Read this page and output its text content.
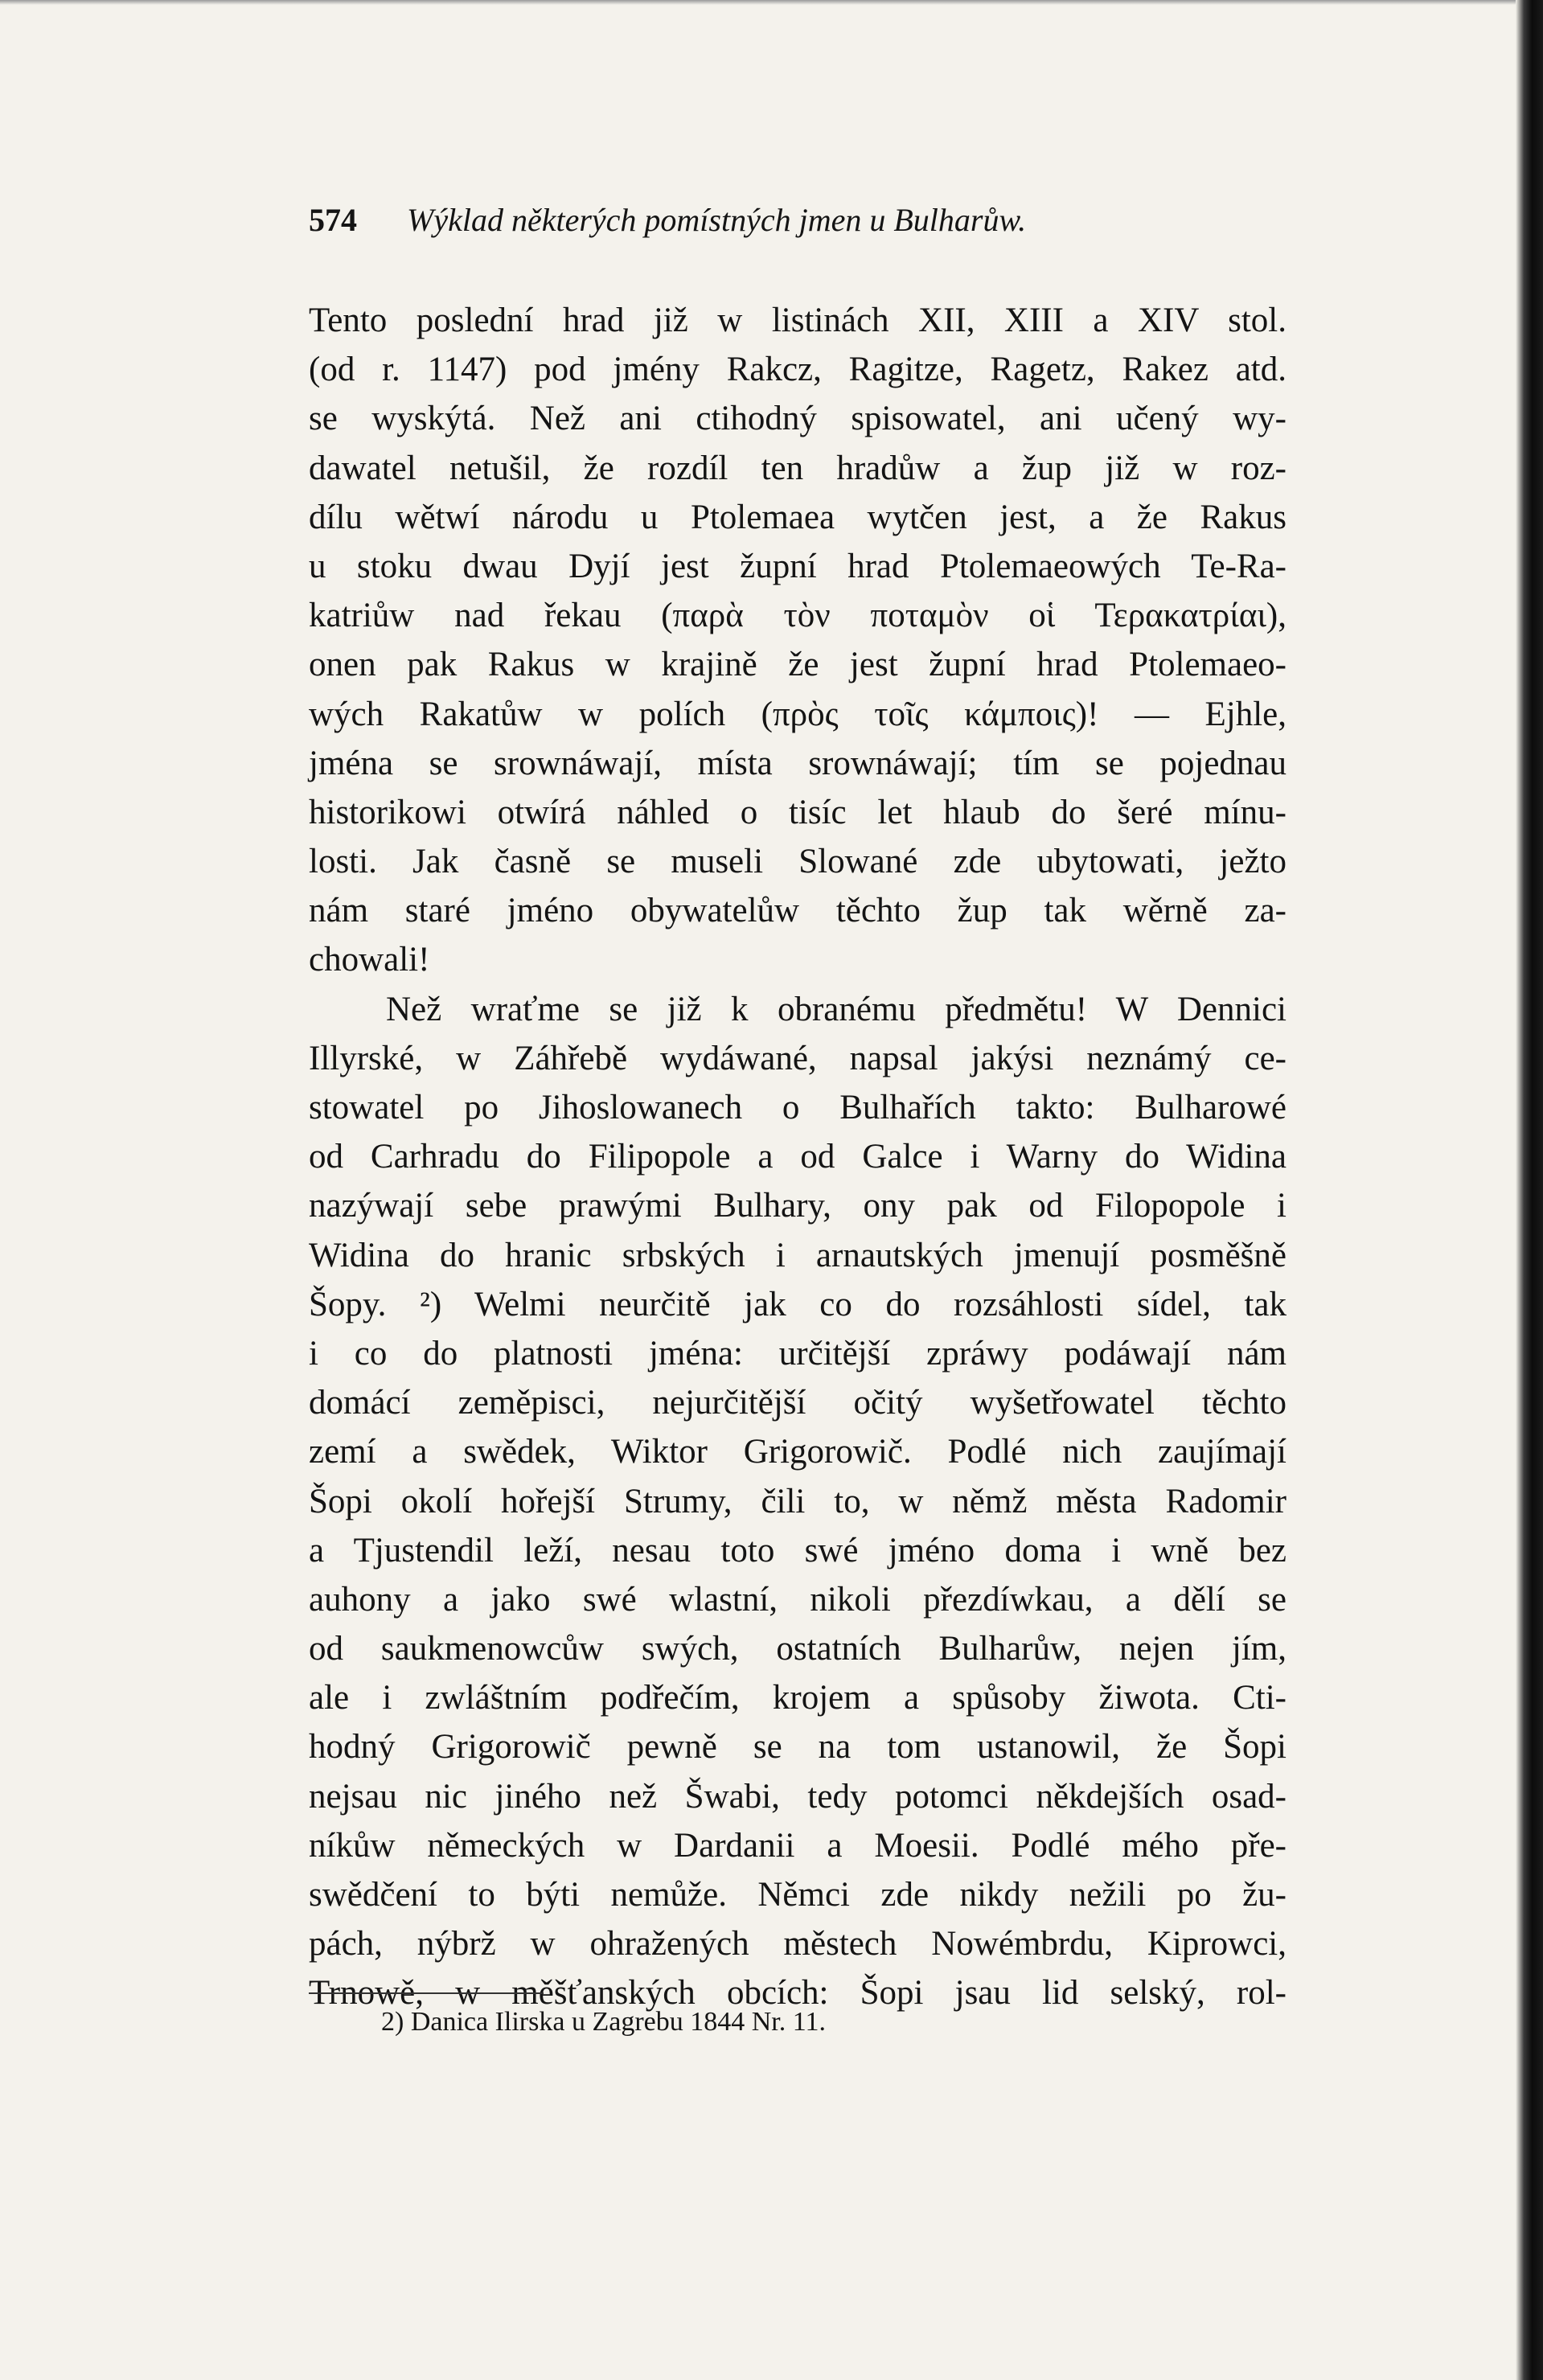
574 Wýklad některých pomístných jmen u Bulharůw.
Tento poslední hrad již w listinách XII, XIII a XIV stol.
(od r. 1147) pod jmény Rakcz, Ragitze, Ragetz, Rakez atd.
se wyskýtá. Než ani ctihodný spisowatel, ani učený wy-
dawatel netušil, že rozdíl ten hradůw a žup již w roz-
dílu wětwí národu u Ptolemaea wytčen jest, a že Rakus
u stoku dwau Dyjí jest župní hrad Ptolemaeowých Te-Ra-
katriůw nad řekau (παρὰ τὸν ποταμὸν οἱ Τερακατρίαι),
onen pak Rakus w krajině že jest župní hrad Ptolemaeo-
wých Rakatůw w polích (πρὸς τοῖς κάμποις)! — Ejhle,
jména se srownáwají, místa srownáwají; tím se pojednau
historikowi otwírá náhled o tisíc let hlaub do šeré mínu-
losti. Jak časně se museli Slowané zde ubytowati, ježto
nám staré jméno obywatelůw těchto žup tak wěrně za-
chowali!
Než wraťme se již k obranému předmětu! W Dennici
Illyrské, w Záhřebě wydáwané, napsal jakýsi neznámý ce-
stowatel po Jihoslowanech o Bulhařích takto: Bulharowé
od Carhradu do Filipopole a od Galce i Warny do Widina
nazýwají sebe prawými Bulhary, ony pak od Filopopole i
Widina do hranic srbských i arnautských jmenují posměšně
Šopy. ²) Welmi neurčitě jak co do rozsáhlosti sídel, tak
i co do platnosti jména: určitější zpráwy podáwají nám
domácí zeměpisci, nejurčitější očitý wyšetřowatel těchto
zemí a swědek, Wiktor Grigorowič. Podlé nich zaujímají
Šopi okolí hořejší Strumy, čili to, w němž města Radomir
a Tjustendil leží, nesau toto swé jméno doma i wně bez
auhony a jako swé wlastní, nikoli přezdíwkau, a dělí se
od saukmenowcůw swých, ostatních Bulharůw, nejen jím,
ale i zwláštním podřečím, krojem a spůsoby žiwota. Cti-
hodný Grigorowič pewně se na tom ustanowil, že Šopi
nejsau nic jiného než Šwabi, tedy potomci někdejších osad-
níkůw německých w Dardanii a Moesii. Podlé mého pře-
swědčení to býti nemůže. Němci zde nikdy nežili po žu-
pách, nýbrž w ohražených městech Nowémbrdu, Kiprowci,
Trnowě, w měšťanských obcích: Šopi jsau lid selský, rol-
2) Danica Ilirska u Zagrebu 1844 Nr. 11.
